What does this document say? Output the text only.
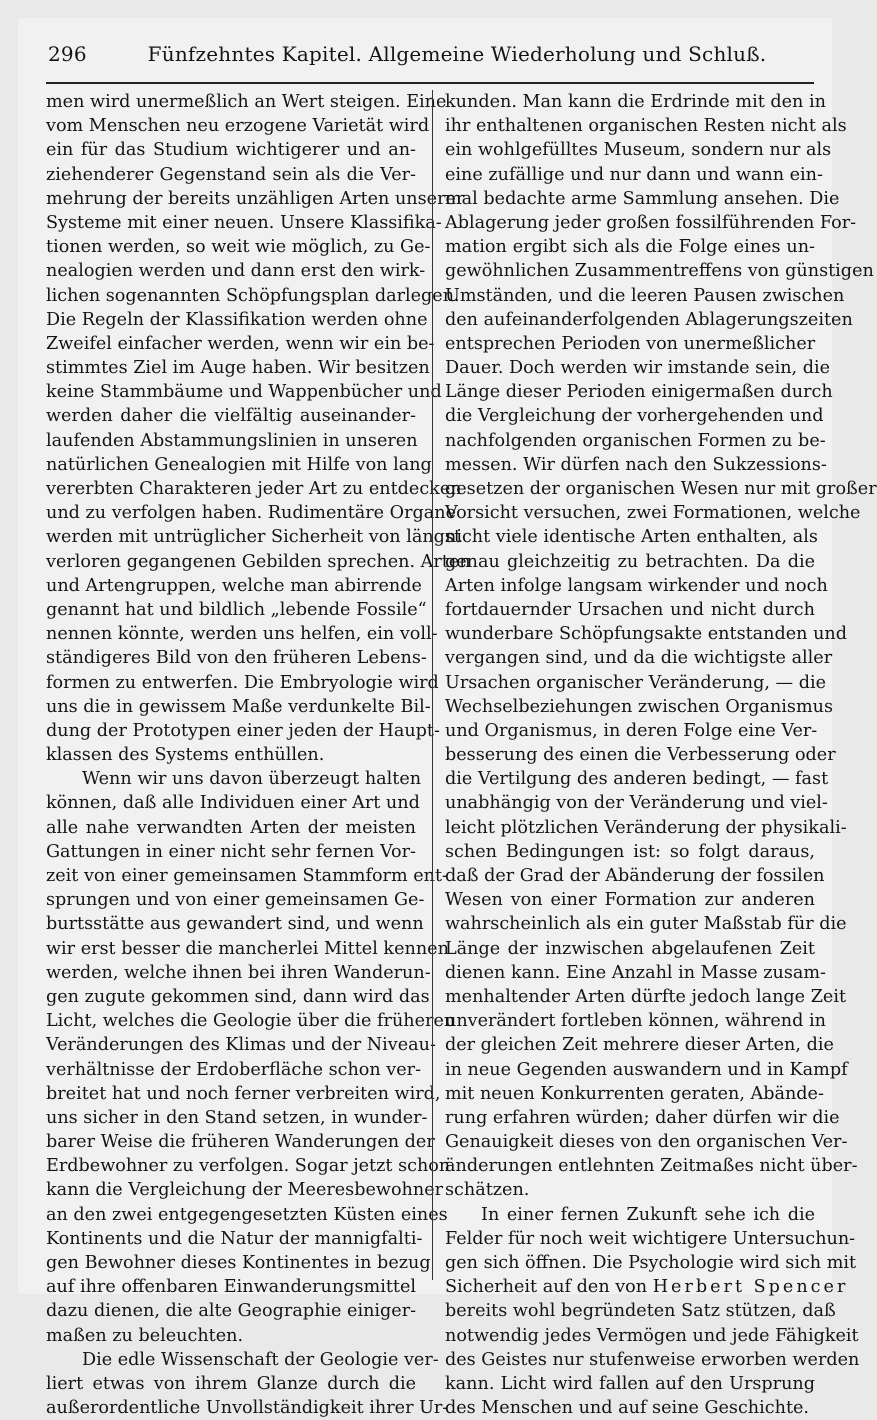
296	Fünfzehntes Kapitel. Allgemeine Wiederholung und Schluß.
men wird unermeßlich an Wert steigen. Eine
vom Menschen neu erzogene Varietät wird
ein für das Studium wichtigerer und an-
ziehenderer Gegenstand sein als die Ver-
mehrung der bereits unzähligen Arten unserer
Systeme mit einer neuen. Unsere Klassifika-
tionen werden, so weit wie möglich, zu Ge-
nealogien werden und dann erst den wirk-
lichen sogenannten Schöpfungsplan darlegen.
Die Regeln der Klassifikation werden ohne
Zweifel einfacher werden, wenn wir ein be-
stimmtes Ziel im Auge haben. Wir besitzen
keine Stammbäume und Wappenbücher und
werden daher die vielfältig auseinander-
laufenden Abstammungslinien in unseren
natürlichen Genealogien mit Hilfe von lang
vererbten Charakteren jeder Art zu entdecken
und zu verfolgen haben. Rudimentäre Organe
werden mit untrüglicher Sicherheit von längst
verloren gegangenen Gebilden sprechen. Arten
und Artengruppen, welche man abirrende
genannt hat und bildlich „lebende Fossile“
nennen könnte, werden uns helfen, ein voll-
ständigeres Bild von den früheren Lebens-
formen zu entwerfen. Die Embryologie wird
uns die in gewissem Maße verdunkelte Bil-
dung der Prototypen einer jeden der Haupt-
klassen des Systems enthüllen.
Wenn wir uns davon überzeugt halten
können, daß alle Individuen einer Art und
alle nahe verwandten Arten der meisten
Gattungen in einer nicht sehr fernen Vor-
zeit von einer gemeinsamen Stammform ent-
sprungen und von einer gemeinsamen Ge-
burtsstätte aus gewandert sind, und wenn
wir erst besser die mancherlei Mittel kennen
werden, welche ihnen bei ihren Wanderun-
gen zugute gekommen sind, dann wird das
Licht, welches die Geologie über die früheren
Veränderungen des Klimas und der Niveau-
verhältnisse der Erdoberfläche schon ver-
breitet hat und noch ferner verbreiten wird,
uns sicher in den Stand setzen, in wunder-
barer Weise die früheren Wanderungen der
Erdbewohner zu verfolgen. Sogar jetzt schon
kann die Vergleichung der Meeresbewohner
an den zwei entgegengesetzten Küsten eines
Kontinents und die Natur der mannigfalti-
gen Bewohner dieses Kontinentes in bezug
auf ihre offenbaren Einwanderungsmittel
dazu dienen, die alte Geographie einiger-
maßen zu beleuchten.
Die edle Wissenschaft der Geologie ver-
liert etwas von ihrem Glanze durch die
außerordentliche Unvollständigkeit ihrer Ur-
kunden. Man kann die Erdrinde mit den in
ihr enthaltenen organischen Resten nicht als
ein wohlgefülltes Museum, sondern nur als
eine zufällige und nur dann und wann ein-
mal bedachte arme Sammlung ansehen. Die
Ablagerung jeder großen fossilführenden For-
mation ergibt sich als die Folge eines un-
gewöhnlichen Zusammentreffens von günstigen
Umständen, und die leeren Pausen zwischen
den aufeinanderfolgenden Ablagerungszeiten
entsprechen Perioden von unermeßlicher
Dauer. Doch werden wir imstande sein, die
Länge dieser Perioden einigermaßen durch
die Vergleichung der vorhergehenden und
nachfolgenden organischen Formen zu be-
messen. Wir dürfen nach den Sukzessions-
gesetzen der organischen Wesen nur mit großer
Vorsicht versuchen, zwei Formationen, welche
nicht viele identische Arten enthalten, als
genau gleichzeitig zu betrachten. Da die
Arten infolge langsam wirkender und noch
fortdauernder Ursachen und nicht durch
wunderbare Schöpfungsakte entstanden und
vergangen sind, und da die wichtigste aller
Ursachen organischer Veränderung, — die
Wechselbeziehungen zwischen Organismus
und Organismus, in deren Folge eine Ver-
besserung des einen die Verbesserung oder
die Vertilgung des anderen bedingt, — fast
unabhängig von der Veränderung und viel-
leicht plötzlichen Veränderung der physikali-
schen Bedingungen ist: so folgt daraus,
daß der Grad der Abänderung der fossilen
Wesen von einer Formation zur anderen
wahrscheinlich als ein guter Maßstab für die
Länge der inzwischen abgelaufenen Zeit
dienen kann. Eine Anzahl in Masse zusam-
menhaltender Arten dürfte jedoch lange Zeit
unverändert fortleben können, während in
der gleichen Zeit mehrere dieser Arten, die
in neue Gegenden auswandern und in Kampf
mit neuen Konkurrenten geraten, Abände-
rung erfahren würden; daher dürfen wir die
Genauigkeit dieses von den organischen Ver-
änderungen entlehnten Zeitmaßes nicht über-
schätzen.
In einer fernen Zukunft sehe ich die
Felder für noch weit wichtigere Untersuchun-
gen sich öffnen. Die Psychologie wird sich mit
Sicherheit auf den von Herbert Spencer
bereits wohl begründeten Satz stützen, daß
notwendig jedes Vermögen und jede Fähigkeit
des Geistes nur stufenweise erworben werden
kann. Licht wird fallen auf den Ursprung
des Menschen und auf seine Geschichte.
